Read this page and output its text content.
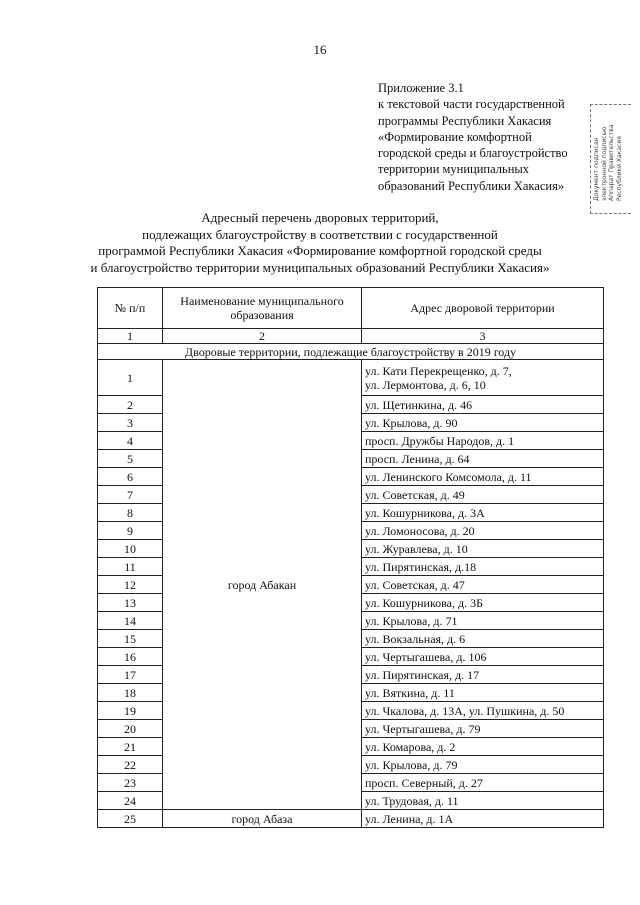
16
Приложение 3.1
к текстовой части государственной
программы Республики Хакасия
«Формирование комфортной
городской среды и благоустройство
территории муниципальных
образований Республики Хакасия»	Документ подписан электронной подписью Аппарат Правительства Республики Хакасия
Адресный перечень дворовых территорий,
подлежащих благоустройству в соответствии с государственной
программой Республики Хакасия «Формирование комфортной городской среды
и благоустройство территории муниципальных образований Республики Хакасия»
№ п/п	Наименование муниципального образования	Адрес дворовой территории
1	2	3
Дворовые территории, подлежащие благоустройству в 2019 году		
1	город Абакан	ул. Кати Перекрещенко, д. 7,
ул. Лермонтова, д. 6, 10

2		ул. Щетинкина, д. 46
3		ул. Крылова, д. 90
4		просп. Дружбы Народов, д. 1
5		просп. Ленина, д. 64
6		ул. Ленинского Комсомола, д. 11
7		ул. Советская, д. 49
8		ул. Кошурникова, д. 3А
9		ул. Ломоносова, д. 20
10		ул. Журавлева, д. 10
11		ул. Пирятинская, д.18
12		ул. Советская, д. 47
13		ул. Кошурникова, д. 3Б
14		ул. Крылова, д. 71
15		ул. Вокзальная, д. 6
16		ул. Чертыгашева, д. 106
17		ул. Пирятинская, д. 17
18		ул. Вяткина, д. 11
19		ул. Чкалова, д. 13А, ул. Пушкина, д. 50
20		ул. Чертыгашева, д. 79
21		ул. Комарова, д. 2
22		ул. Крылова, д. 79
23		просп. Северный, д. 27
24		ул. Трудовая, д. 11
25	город Абаза	ул. Ленина, д. 1А
